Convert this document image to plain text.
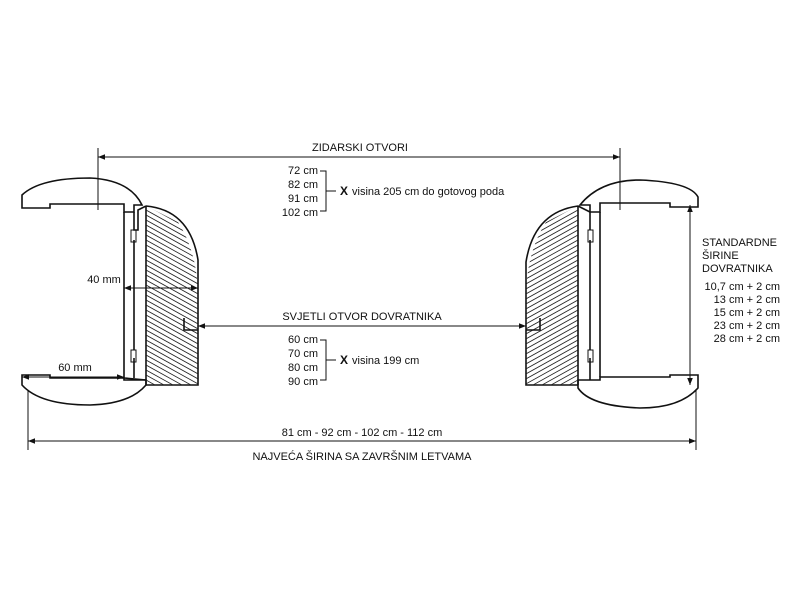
ZIDARSKI OTVORI
72 cm
82 cm
91 cm
102 cm
X visina 205 cm do gotovog poda
SVJETLI OTVOR DOVRATNIKA
60 cm
70 cm
80 cm
90 cm
X visina 199 cm
40 mm
60 mm
STANDARDNE
ŠIRINE
DOVRATNIKA
10,7 cm + 2 cm
13 cm + 2 cm
15 cm + 2 cm
23 cm + 2 cm
28 cm + 2 cm
81 cm - 92 cm - 102 cm - 112 cm
NAJVEĆA ŠIRINA SA ZAVRŠNIM LETVAMA
